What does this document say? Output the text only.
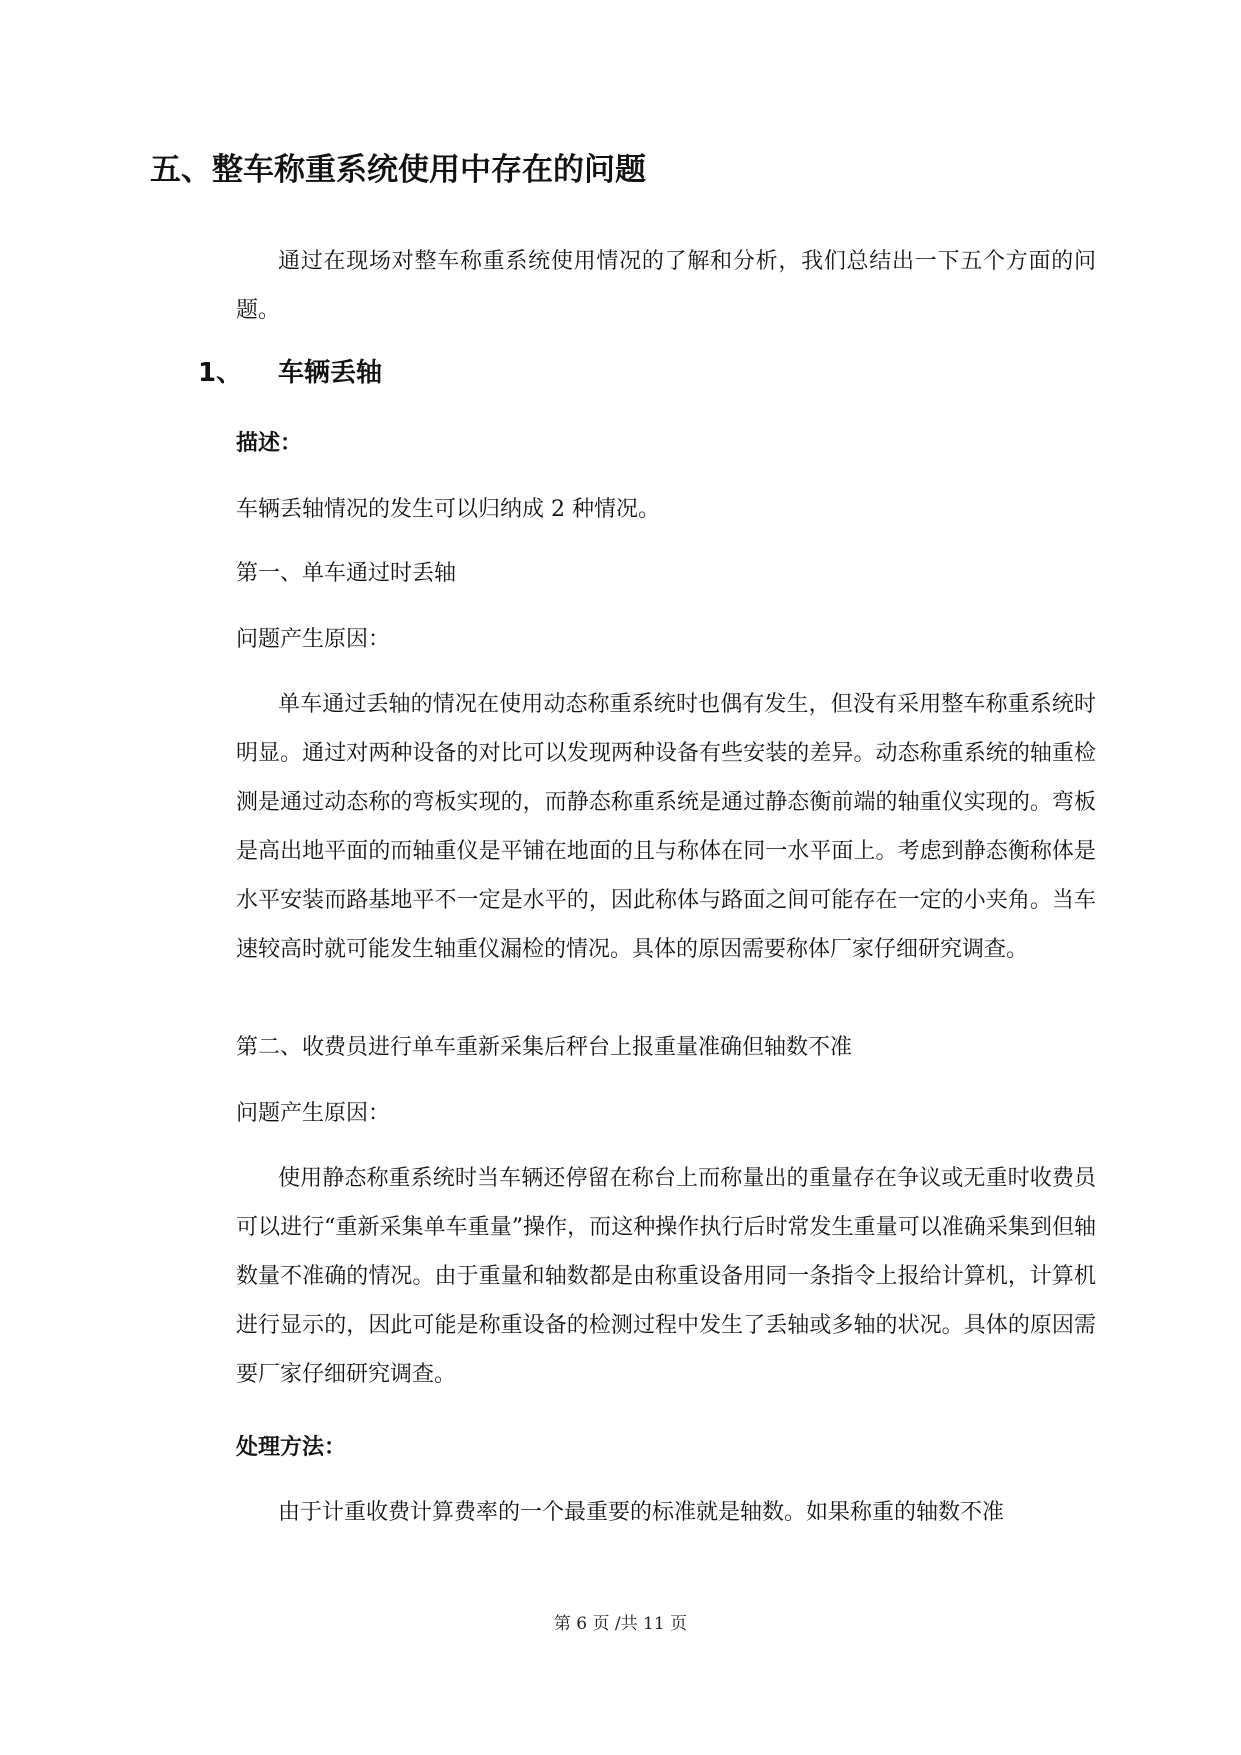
五、整车称重系统使用中存在的问题
通过在现场对整车称重系统使用情况的了解和分析，我们总结出一下五个方面的问题。
1、 车辆丢轴
描述：
车辆丢轴情况的发生可以归纳成 2 种情况。
第一、单车通过时丢轴
问题产生原因：
单车通过丢轴的情况在使用动态称重系统时也偶有发生，但没有采用整车称重系统时明显。通过对两种设备的对比可以发现两种设备有些安装的差异。动态称重系统的轴重检测是通过动态称的弯板实现的，而静态称重系统是通过静态衡前端的轴重仪实现的。弯板是高出地平面的而轴重仪是平铺在地面的且与称体在同一水平面上。考虑到静态衡称体是水平安装而路基地平不一定是水平的，因此称体与路面之间可能存在一定的小夹角。当车速较高时就可能发生轴重仪漏检的情况。具体的原因需要称体厂家仔细研究调查。
第二、收费员进行单车重新采集后秤台上报重量准确但轴数不准
问题产生原因：
使用静态称重系统时当车辆还停留在称台上而称量出的重量存在争议或无重时收费员可以进行“重新采集单车重量”操作，而这种操作执行后时常发生重量可以准确采集到但轴数量不准确的情况。由于重量和轴数都是由称重设备用同一条指令上报给计算机，计算机进行显示的，因此可能是称重设备的检测过程中发生了丢轴或多轴的状况。具体的原因需要厂家仔细研究调查。
处理方法：
由于计重收费计算费率的一个最重要的标准就是轴数。如果称重的轴数不准
第 6 页 /共 11 页
